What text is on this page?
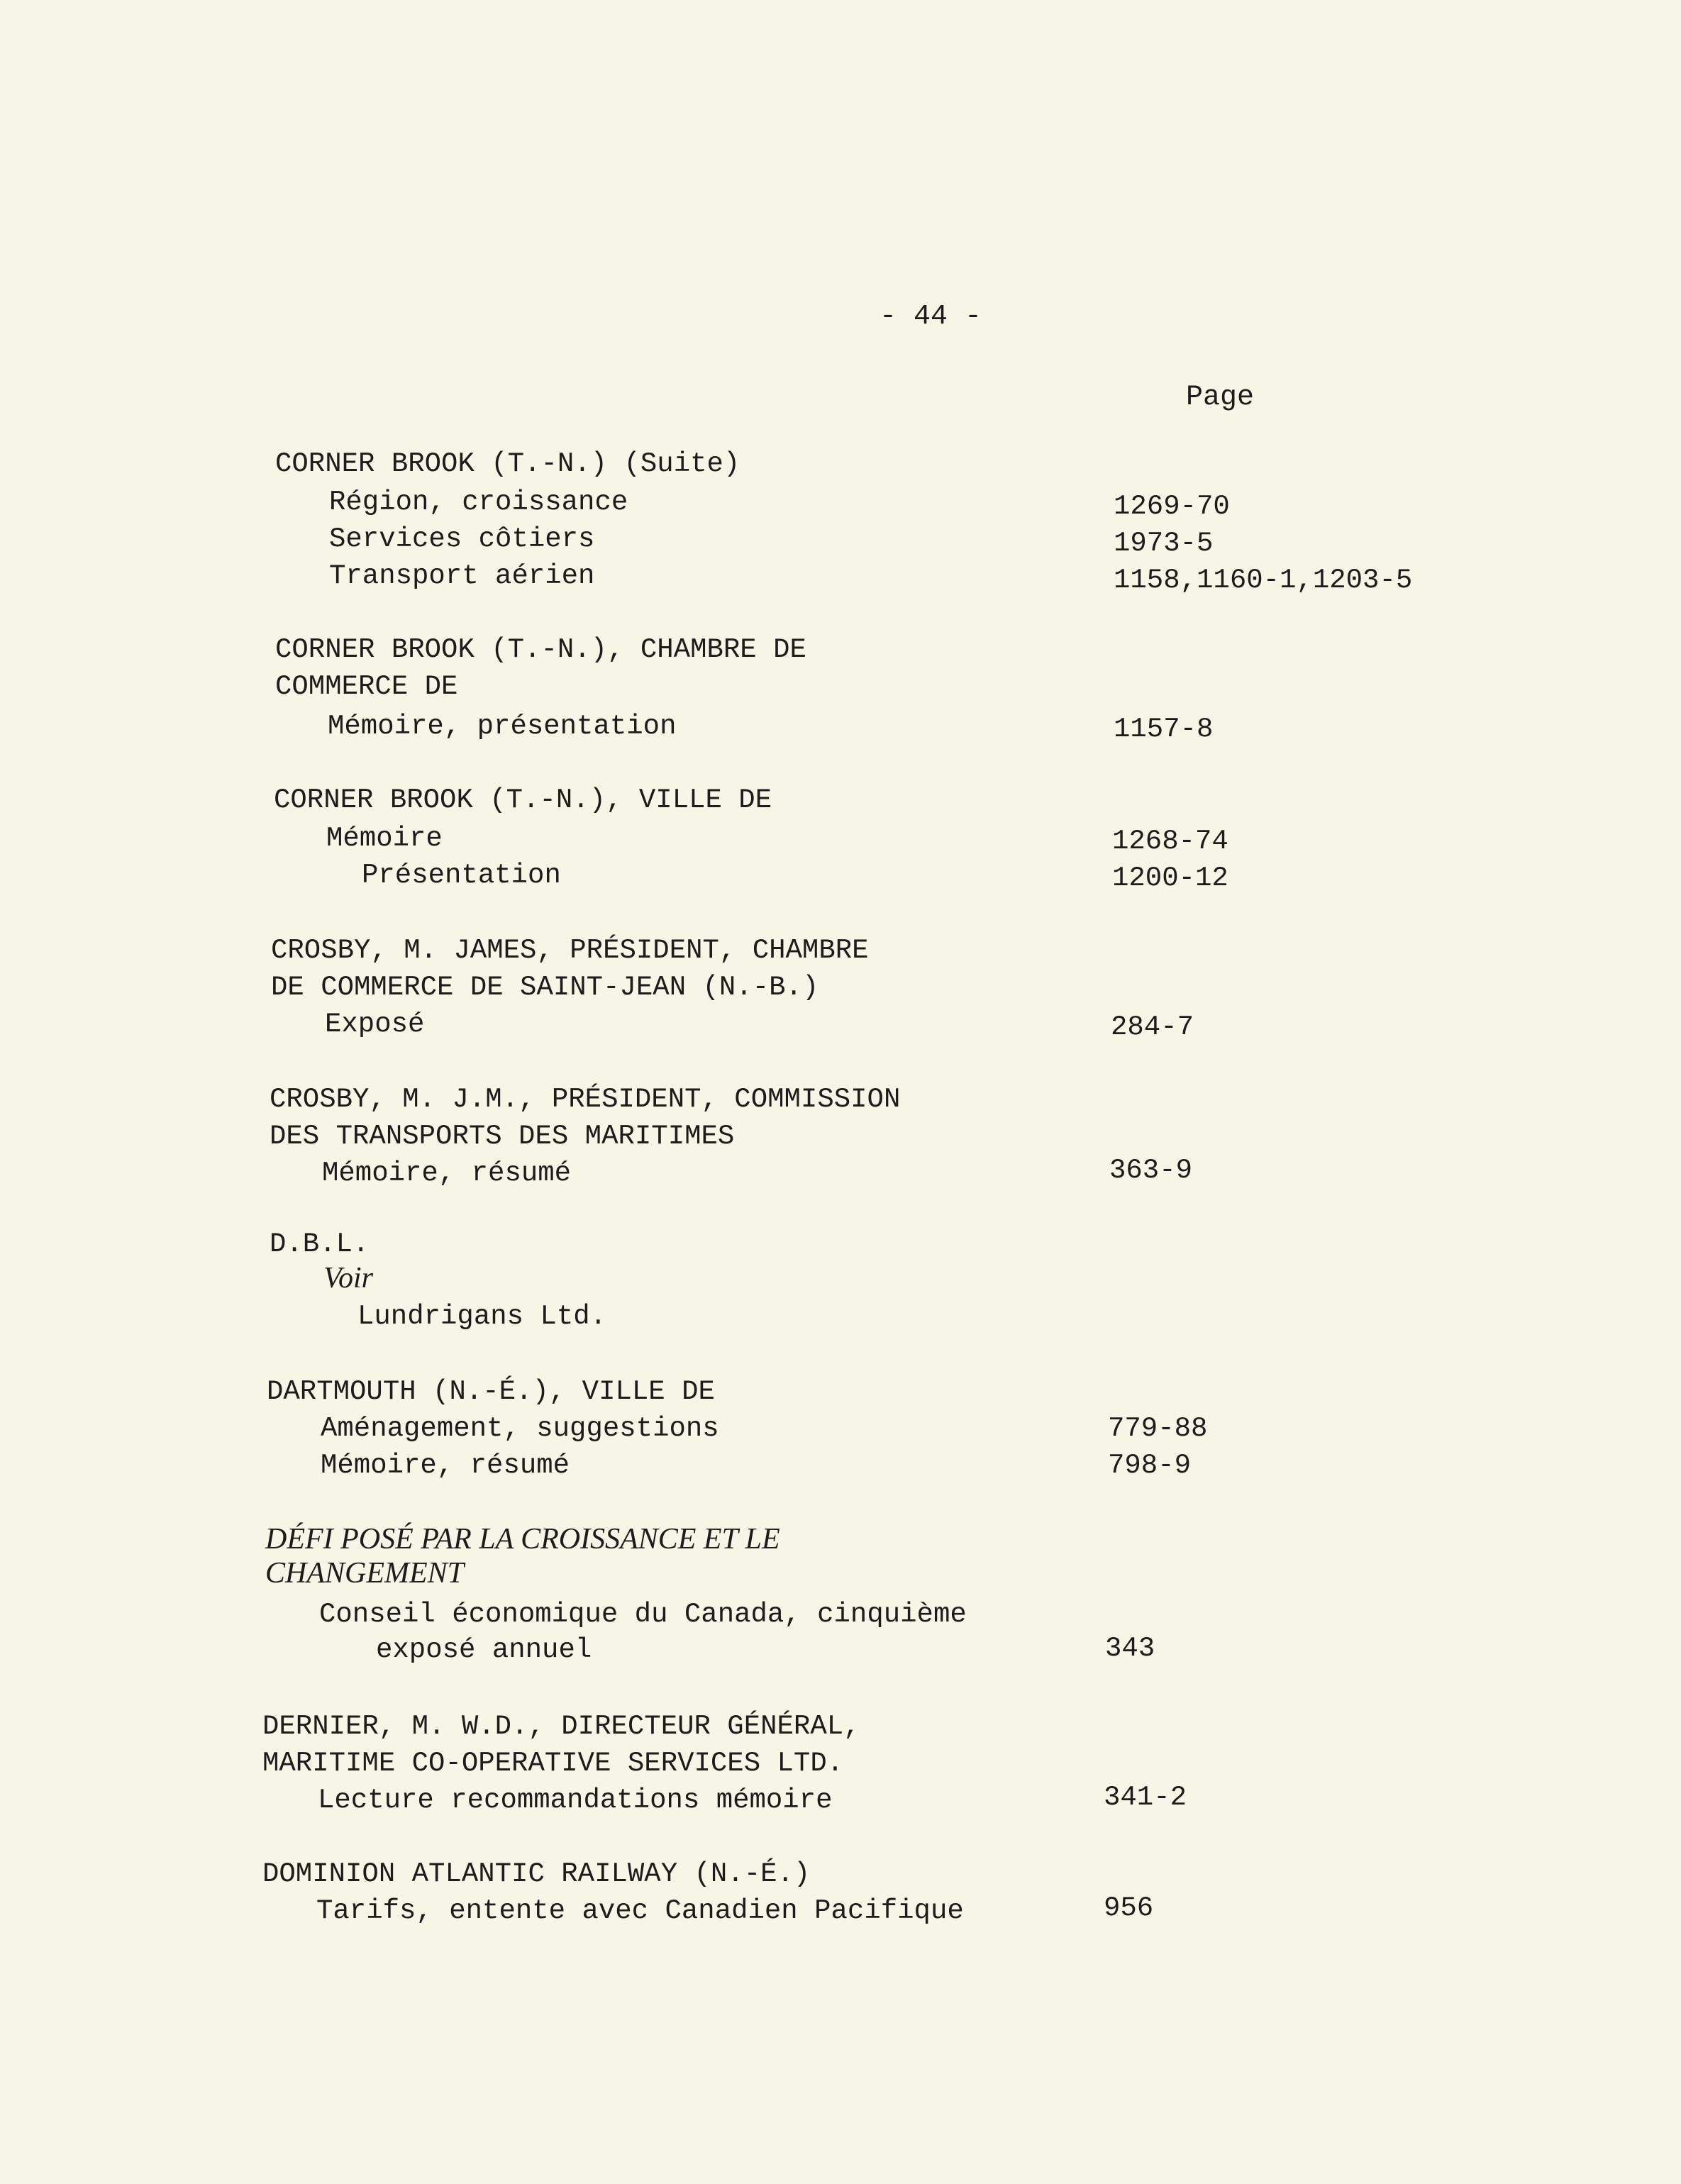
- 44 -
Page
CORNER BROOK (T.-N.) (Suite)
Région, croissance	1269-70
Services côtiers	1973-5
Transport aérien	1158,1160-1,1203-5
CORNER BROOK (T.-N.), CHAMBRE DE
COMMERCE DE
Mémoire, présentation	1157-8
CORNER BROOK (T.-N.), VILLE DE
Mémoire	1268-74
Présentation	1200-12
CROSBY, M. JAMES, PRÉSIDENT, CHAMBRE
DE COMMERCE DE SAINT-JEAN (N.-B.)
Exposé	284-7
CROSBY, M. J.M., PRÉSIDENT, COMMISSION
DES TRANSPORTS DES MARITIMES
Mémoire, résumé	363-9
D.B.L.
Voir
Lundrigans Ltd.
DARTMOUTH (N.-É.), VILLE DE
Aménagement, suggestions	779-88
Mémoire, résumé	798-9
DÉFI POSÉ PAR LA CROISSANCE ET LE
CHANGEMENT
Conseil économique du Canada, cinquième
exposé annuel	343
DERNIER, M. W.D., DIRECTEUR GÉNÉRAL,
MARITIME CO-OPERATIVE SERVICES LTD.
Lecture recommandations mémoire	341-2
DOMINION ATLANTIC RAILWAY (N.-É.)
Tarifs, entente avec Canadien Pacifique	956
